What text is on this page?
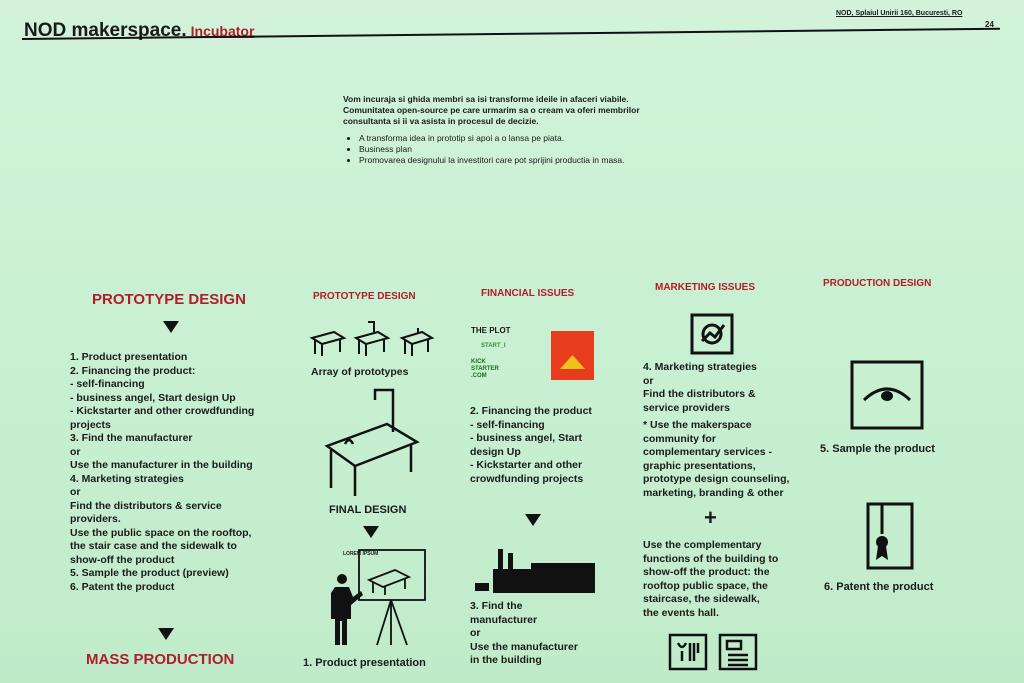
NOD makerspace. Incubator
NOD, Splaiul Unirii 160, Bucuresti, RO
24
Vom incuraja si ghida membri sa isi transforme ideile in afaceri viabile. Comunitatea open-source pe care urmarim sa o cream va oferi membrilor consultanta si ii va asista in procesul de decizie.
• A transforma idea in prototip si apoi a o lansa pe piata.
• Business plan
• Promovarea designului la investitori care pot sprijini productia in masa.
PROTOTYPE DESIGN
1. Product presentation
2. Financing the product:
- self-financing
- business angel, Start design Up
- Kickstarter and other crowdfunding
projects
3. Find the manufacturer
or
Use the manufacturer in the building
4. Marketing strategies
or
Find the distributors & service
providers.
Use the public space on the rooftop,
the stair case and the sidewalk to
show-off the product
5. Sample the product (preview)
6. Patent the product
MASS PRODUCTION
PROTOTYPE DESIGN
Array of prototypes
FINAL DESIGN
LOREM IPSUM
1. Product presentation
FINANCIAL ISSUES
THE PLOT
START_I
KICK STARTER .COM
2. Financing the product
- self-financing
- business angel, Start
design Up
- Kickstarter and other
crowdfunding projects
3. Find the
manufacturer
or
Use the manufacturer
in the building
MARKETING ISSUES
4. Marketing strategies
or
Find the distributors &
service providers
* Use the makerspace
community for
complementary services -
graphic presentations,
prototype design counseling,
marketing, branding & other
+
Use the complementary
functions of the building to
show-off the product: the
rooftop public space, the
staircase, the sidewalk,
the events hall.
PRODUCTION DESIGN
5. Sample the product
6. Patent the product
